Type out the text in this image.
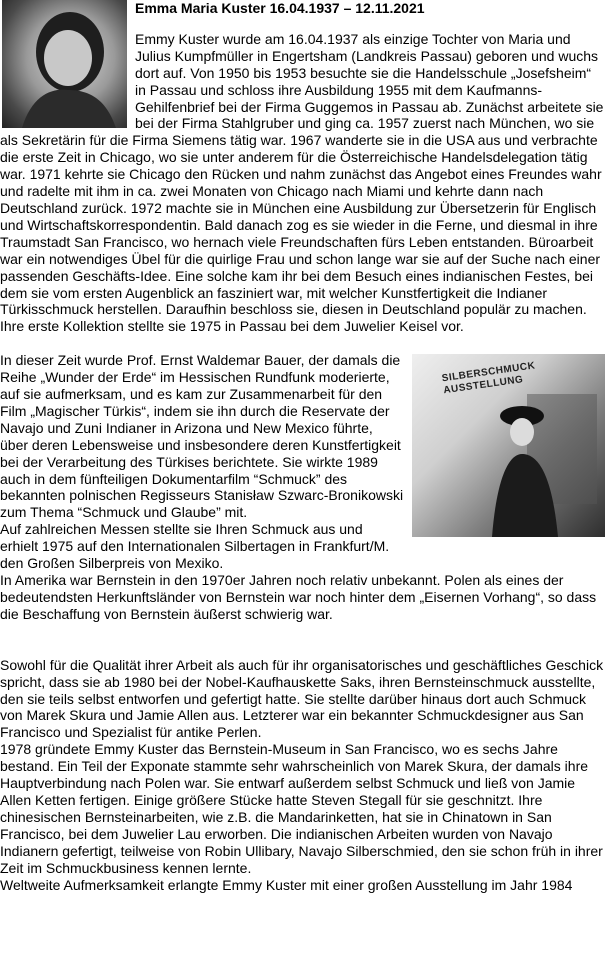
Emma Maria Kuster 16.04.1937 – 12.11.2021

Emmy Kuster wurde am 16.04.1937 als einzige Tochter von Maria und Julius Kumpfmüller in Engertsham (Landkreis Passau) geboren und wuchs dort auf. Von 1950 bis 1953 besuchte sie die Handelsschule „Josefsheim“ in Passau und schloss ihre Ausbildung 1955 mit dem Kaufmanns-Gehilfenbrief bei der Firma Guggemos in Passau ab. Zunächst arbeitete sie bei der Firma Stahlgruber und ging ca. 1957 zuerst nach München, wo sie als Sekretärin für die Firma Siemens tätig war. 1967 wanderte sie in die USA aus und verbrachte die erste Zeit in Chicago, wo sie unter anderem für die Österreichische Handelsdelegation tätig war. 1971 kehrte sie Chicago den Rücken und nahm zunächst das Angebot eines Freundes wahr und radelte mit ihm in ca. zwei Monaten von Chicago nach Miami und kehrte dann nach Deutschland zurück. 1972 machte sie in München eine Ausbildung zur Übersetzerin für Englisch und Wirtschaftskorrespondentin. Bald danach zog es sie wieder in die Ferne, und diesmal in ihre Traumstadt San Francisco, wo hernach viele Freundschaften fürs Leben entstanden. Büroarbeit war ein notwendiges Übel für die quirlige Frau und schon lange war sie auf der Suche nach einer passenden Geschäfts-Idee. Eine solche kam ihr bei dem Besuch eines indianischen Festes, bei dem sie vom ersten Augenblick an fasziniert war, mit welcher Kunstfertigkeit die Indianer Türkisschmuck herstellen. Daraufhin beschloss sie, diesen in Deutschland populär zu machen. Ihre erste Kollektion stellte sie 1975 in Passau bei dem Juwelier Keisel vor.

SILBERSCHMUCK AUSSTELLUNG

In dieser Zeit wurde Prof. Ernst Waldemar Bauer, der damals die Reihe „Wunder der Erde“ im Hessischen Rundfunk moderierte, auf sie aufmerksam, und es kam zur Zusammenarbeit für den Film „Magischer Türkis“, indem sie ihn durch die Reservate der Navajo und Zuni Indianer in Arizona und New Mexico führte, über deren Lebensweise und insbesondere deren Kunstfertigkeit bei der Verarbeitung des Türkises berichtete. Sie wirkte 1989 auch in dem fünfteiligen Dokumentarfilm “Schmuck” des bekannten polnischen Regisseurs Stanisław Szwarc-Bronikowski zum Thema “Schmuck und Glaube” mit.

Auf zahlreichen Messen stellte sie Ihren Schmuck aus und erhielt 1975 auf den Internationalen Silbertagen in Frankfurt/M. den Großen Silberpreis von Mexiko.

In Amerika war Bernstein in den 1970er Jahren noch relativ unbekannt. Polen als eines der bedeutendsten Herkunftsländer von Bernstein war noch hinter dem „Eisernen Vorhang“, so dass die Beschaffung von Bernstein äußerst schwierig war.

Sowohl für die Qualität ihrer Arbeit als auch für ihr organisatorisches und geschäftliches Geschick spricht, dass sie ab 1980 bei der Nobel-Kaufhauskette Saks, ihren Bernsteinschmuck ausstellte, den sie teils selbst entworfen und gefertigt hatte. Sie stellte darüber hinaus dort auch Schmuck von Marek Skura und Jamie Allen aus. Letzterer war ein bekannter Schmuckdesigner aus San Francisco und Spezialist für antike Perlen.

1978 gründete Emmy Kuster das Bernstein-Museum in San Francisco, wo es sechs Jahre bestand. Ein Teil der Exponate stammte sehr wahrscheinlich von Marek Skura, der damals ihre Hauptverbindung nach Polen war. Sie entwarf außerdem selbst Schmuck und ließ von Jamie Allen Ketten fertigen. Einige größere Stücke hatte Steven Stegall für sie geschnitzt. Ihre chinesischen Bernsteinarbeiten, wie z.B. die Mandarinketten, hat sie in Chinatown in San Francisco, bei dem Juwelier Lau erworben. Die indianischen Arbeiten wurden von Navajo Indianern gefertigt, teilweise von Robin Ullibary, Navajo Silberschmied, den sie schon früh in ihrer Zeit im Schmuckbusiness kennen lernte.

Weltweite Aufmerksamkeit erlangte Emmy Kuster mit einer großen Ausstellung im Jahr 1984
